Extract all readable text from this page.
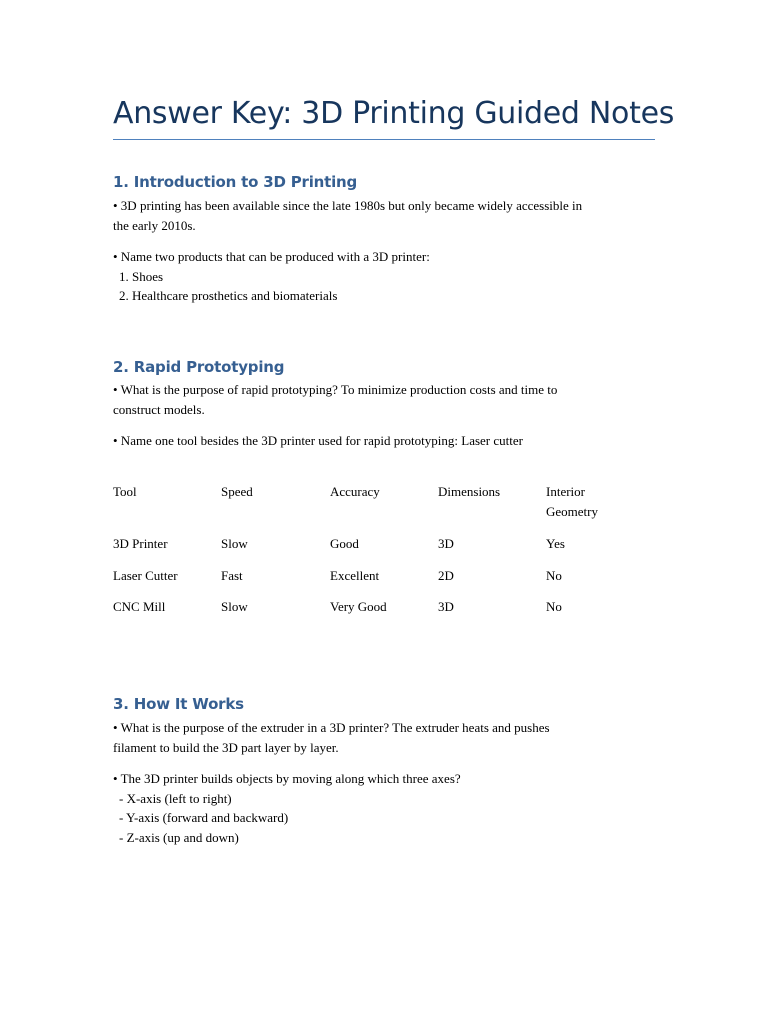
Answer Key: 3D Printing Guided Notes
1. Introduction to 3D Printing

• 3D printing has been available since the late 1980s but only became widely accessible in
the early 2010s.

• Name two products that can be produced with a 3D printer:
1. Shoes
2. Healthcare prosthetics and biomaterials

2. Rapid Prototyping

• What is the purpose of rapid prototyping? To minimize production costs and time to
construct models.

• Name one tool besides the 3D printer used for rapid prototyping: Laser cutter

Tool	Speed	Accuracy	Dimensions	Interior
Geometry
3D Printer	Slow	Good	3D	Yes
Laser Cutter	Fast	Excellent	2D	No
CNC Mill	Slow	Very Good	3D	No
3. How It Works

• What is the purpose of the extruder in a 3D printer? The extruder heats and pushes
filament to build the 3D part layer by layer.

• The 3D printer builds objects by moving along which three axes?
- X-axis (left to right)
- Y-axis (forward and backward)
- Z-axis (up and down)
